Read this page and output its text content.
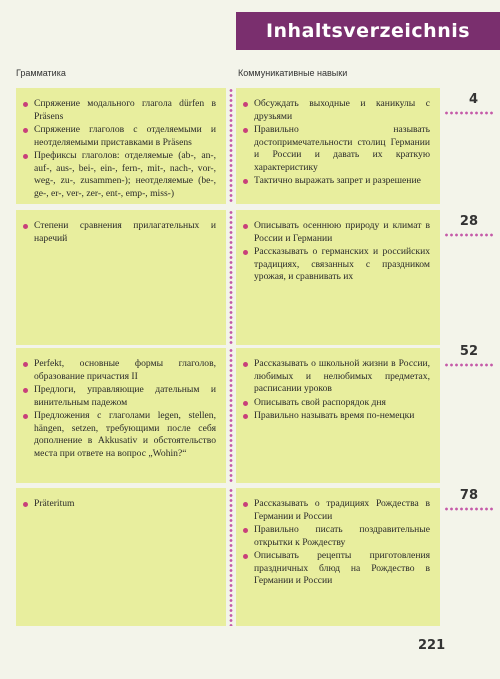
Inhaltsverzeichnis
Грамматика	Коммуникативные навыки
Спряжение модального глагола dürfen в Präsens
Спряжение глаголов с отделяемыми и неотделяемыми приставками в Präsens
Префиксы глаголов: отделяемые (ab-, an-, auf-, aus-, bei-, ein-, fern-, mit-, nach-, vor-, weg-, zu-, zusammen-); неотделяемые (be-, ge-, er-, ver-, zer-, ent-, emp-, miss-)
Обсуждать выходные и каникулы с друзьями
Правильно называть достопримечательности столиц Германии и России и давать их краткую характеристику
Тактично выражать запрет и разрешение
4
Степени сравнения прилагательных и наречий
Описывать осеннюю природу и климат в России и Германии
Рассказывать о германских и российских традициях, связанных с праздником урожая, и сравнивать их
28
Perfekt, основные формы глаголов, образование причастия II
Предлоги, управляющие дательным и винительным падежом
Предложения с глаголами legen, stellen, hängen, setzen, требующими после себя дополнение в Akkusativ и обстоятельство места при ответе на вопрос „Wohin?“
Рассказывать о школьной жизни в России, любимых и нелюбимых предметах, расписании уроков
Описывать свой распорядок дня
Правильно называть время по-немецки
52
Präteritum	Рассказывать о традициях Рождества в Германии и России
Правильно писать поздравительные открытки к Рождеству
Описывать рецепты приготовления праздничных блюд на Рождество в Германии и России
78
221
